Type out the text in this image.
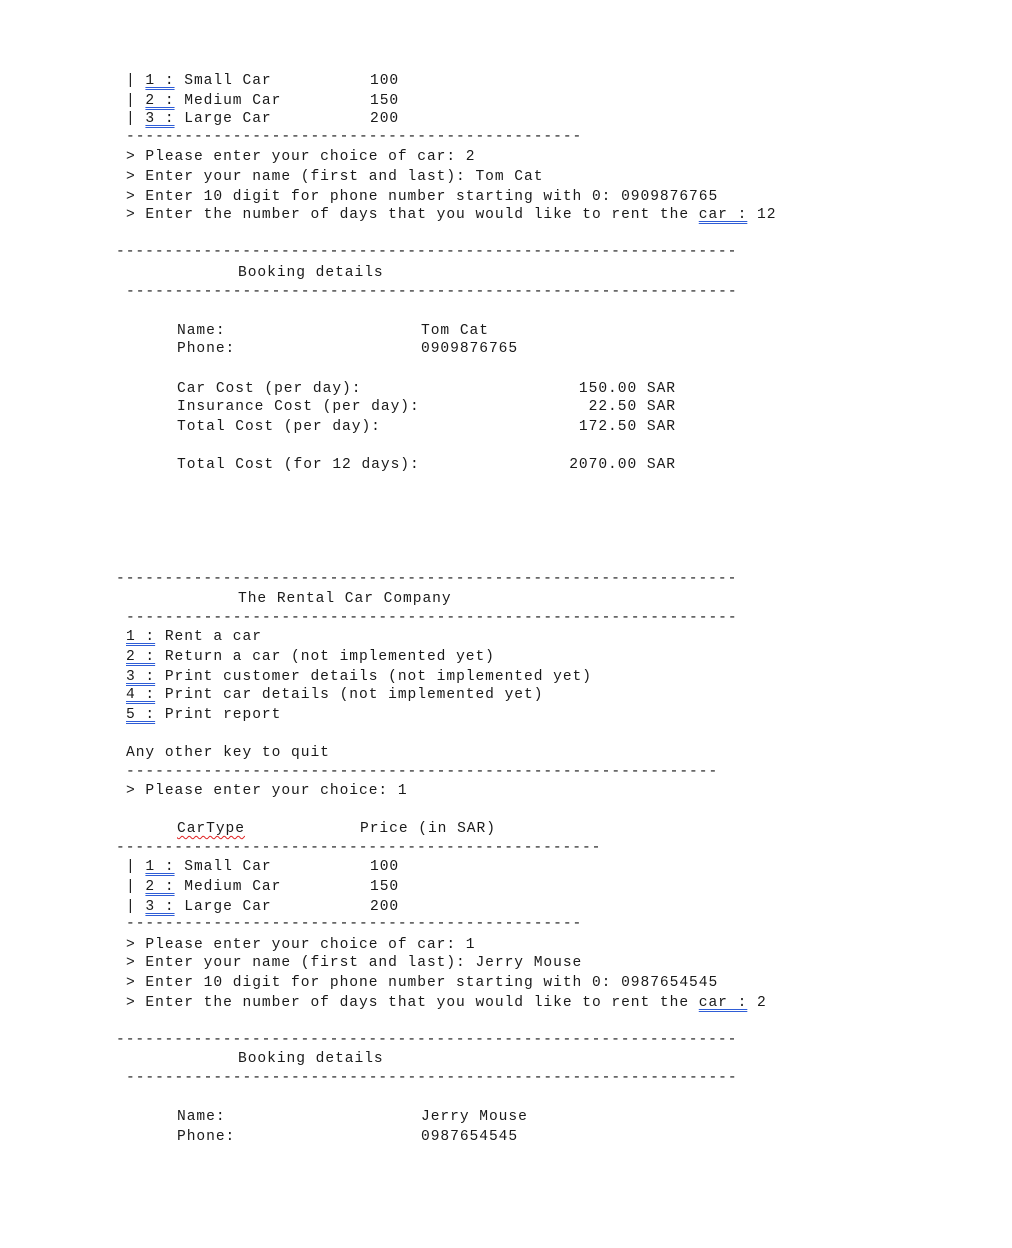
| 1 : Small Car	100
| 2 : Medium Car	150
| 3 : Large Car	200
-----------------------------------------------
> Please enter your choice of car: 2
> Enter your name (first and last): Tom Cat
> Enter 10 digit for phone number starting with 0: 0909876765
> Enter the number of days that you would like to rent the car : 12
----------------------------------------------------------------
Booking details
---------------------------------------------------------------
Name:	Tom Cat
Phone:	0909876765
Car Cost (per day):	150.00 SAR
Insurance Cost (per day):	22.50 SAR
Total Cost (per day):	172.50 SAR
Total Cost (for 12 days):	2070.00 SAR
----------------------------------------------------------------
The Rental Car Company
---------------------------------------------------------------
1 : Rent a car
2 : Return a car (not implemented yet)
3 : Print customer details (not implemented yet)
4 : Print car details (not implemented yet)
5 : Print report
Any other key to quit
-------------------------------------------------------------
> Please enter your choice: 1
CarType	Price (in SAR)
--------------------------------------------------
| 1 : Small Car	100
| 2 : Medium Car	150
| 3 : Large Car	200
-----------------------------------------------
> Please enter your choice of car: 1
> Enter your name (first and last): Jerry Mouse
> Enter 10 digit for phone number starting with 0: 0987654545
> Enter the number of days that you would like to rent the car : 2
----------------------------------------------------------------
Booking details
---------------------------------------------------------------
Name:	Jerry Mouse
Phone:	0987654545
